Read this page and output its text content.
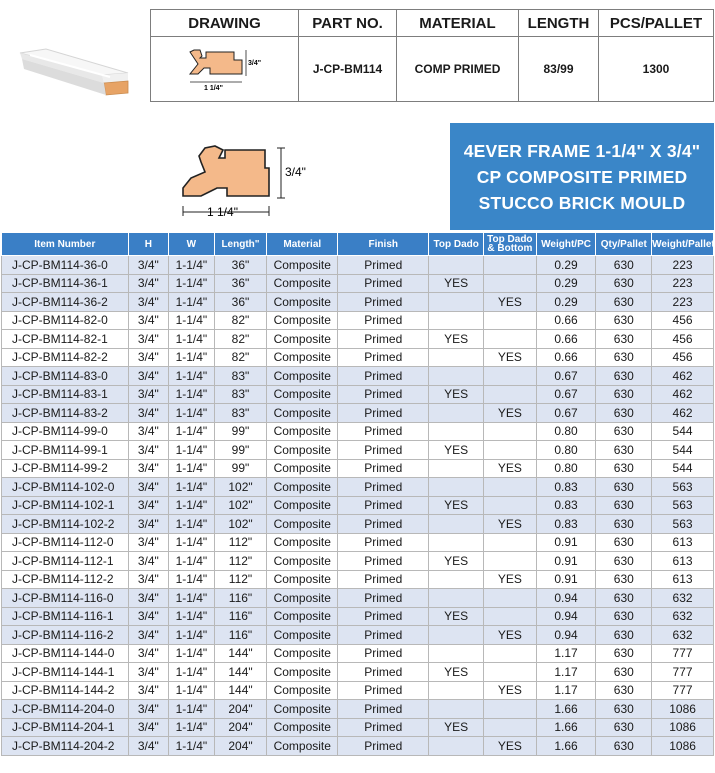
DRAWING	PART NO.	MATERIAL	LENGTH	PCS/PALLET

3/4"
1 1/4"	J-CP-BM114	COMP PRIMED	83/99	1300
3/4"
1 1/4"
4EVER FRAME 1-1/4" X 3/4"
CP COMPOSITE PRIMED
STUCCO BRICK MOULD
Item Number	H	W	Length"	Material	Finish	Top Dado	Top Dado & Bottom	Weight/PC	Qty/Pallet	Weight/Pallet
J-CP-BM114-36-0	3/4"	1-1/4"	36"	Composite	Primed			0.29	630	223
J-CP-BM114-36-1	3/4"	1-1/4"	36"	Composite	Primed	YES		0.29	630	223
J-CP-BM114-36-2	3/4"	1-1/4"	36"	Composite	Primed		YES	0.29	630	223
J-CP-BM114-82-0	3/4"	1-1/4"	82"	Composite	Primed			0.66	630	456
J-CP-BM114-82-1	3/4"	1-1/4"	82"	Composite	Primed	YES		0.66	630	456
J-CP-BM114-82-2	3/4"	1-1/4"	82"	Composite	Primed		YES	0.66	630	456
J-CP-BM114-83-0	3/4"	1-1/4"	83"	Composite	Primed			0.67	630	462
J-CP-BM114-83-1	3/4"	1-1/4"	83"	Composite	Primed	YES		0.67	630	462
J-CP-BM114-83-2	3/4"	1-1/4"	83"	Composite	Primed		YES	0.67	630	462
J-CP-BM114-99-0	3/4"	1-1/4"	99"	Composite	Primed			0.80	630	544
J-CP-BM114-99-1	3/4"	1-1/4"	99"	Composite	Primed	YES		0.80	630	544
J-CP-BM114-99-2	3/4"	1-1/4"	99"	Composite	Primed		YES	0.80	630	544
J-CP-BM114-102-0	3/4"	1-1/4"	102"	Composite	Primed			0.83	630	563
J-CP-BM114-102-1	3/4"	1-1/4"	102"	Composite	Primed	YES		0.83	630	563
J-CP-BM114-102-2	3/4"	1-1/4"	102"	Composite	Primed		YES	0.83	630	563
J-CP-BM114-112-0	3/4"	1-1/4"	112"	Composite	Primed			0.91	630	613
J-CP-BM114-112-1	3/4"	1-1/4"	112"	Composite	Primed	YES		0.91	630	613
J-CP-BM114-112-2	3/4"	1-1/4"	112"	Composite	Primed		YES	0.91	630	613
J-CP-BM114-116-0	3/4"	1-1/4"	116"	Composite	Primed			0.94	630	632
J-CP-BM114-116-1	3/4"	1-1/4"	116"	Composite	Primed	YES		0.94	630	632
J-CP-BM114-116-2	3/4"	1-1/4"	116"	Composite	Primed		YES	0.94	630	632
J-CP-BM114-144-0	3/4"	1-1/4"	144"	Composite	Primed			1.17	630	777
J-CP-BM114-144-1	3/4"	1-1/4"	144"	Composite	Primed	YES		1.17	630	777
J-CP-BM114-144-2	3/4"	1-1/4"	144"	Composite	Primed		YES	1.17	630	777
J-CP-BM114-204-0	3/4"	1-1/4"	204"	Composite	Primed			1.66	630	1086
J-CP-BM114-204-1	3/4"	1-1/4"	204"	Composite	Primed	YES		1.66	630	1086
J-CP-BM114-204-2	3/4"	1-1/4"	204"	Composite	Primed		YES	1.66	630	1086
